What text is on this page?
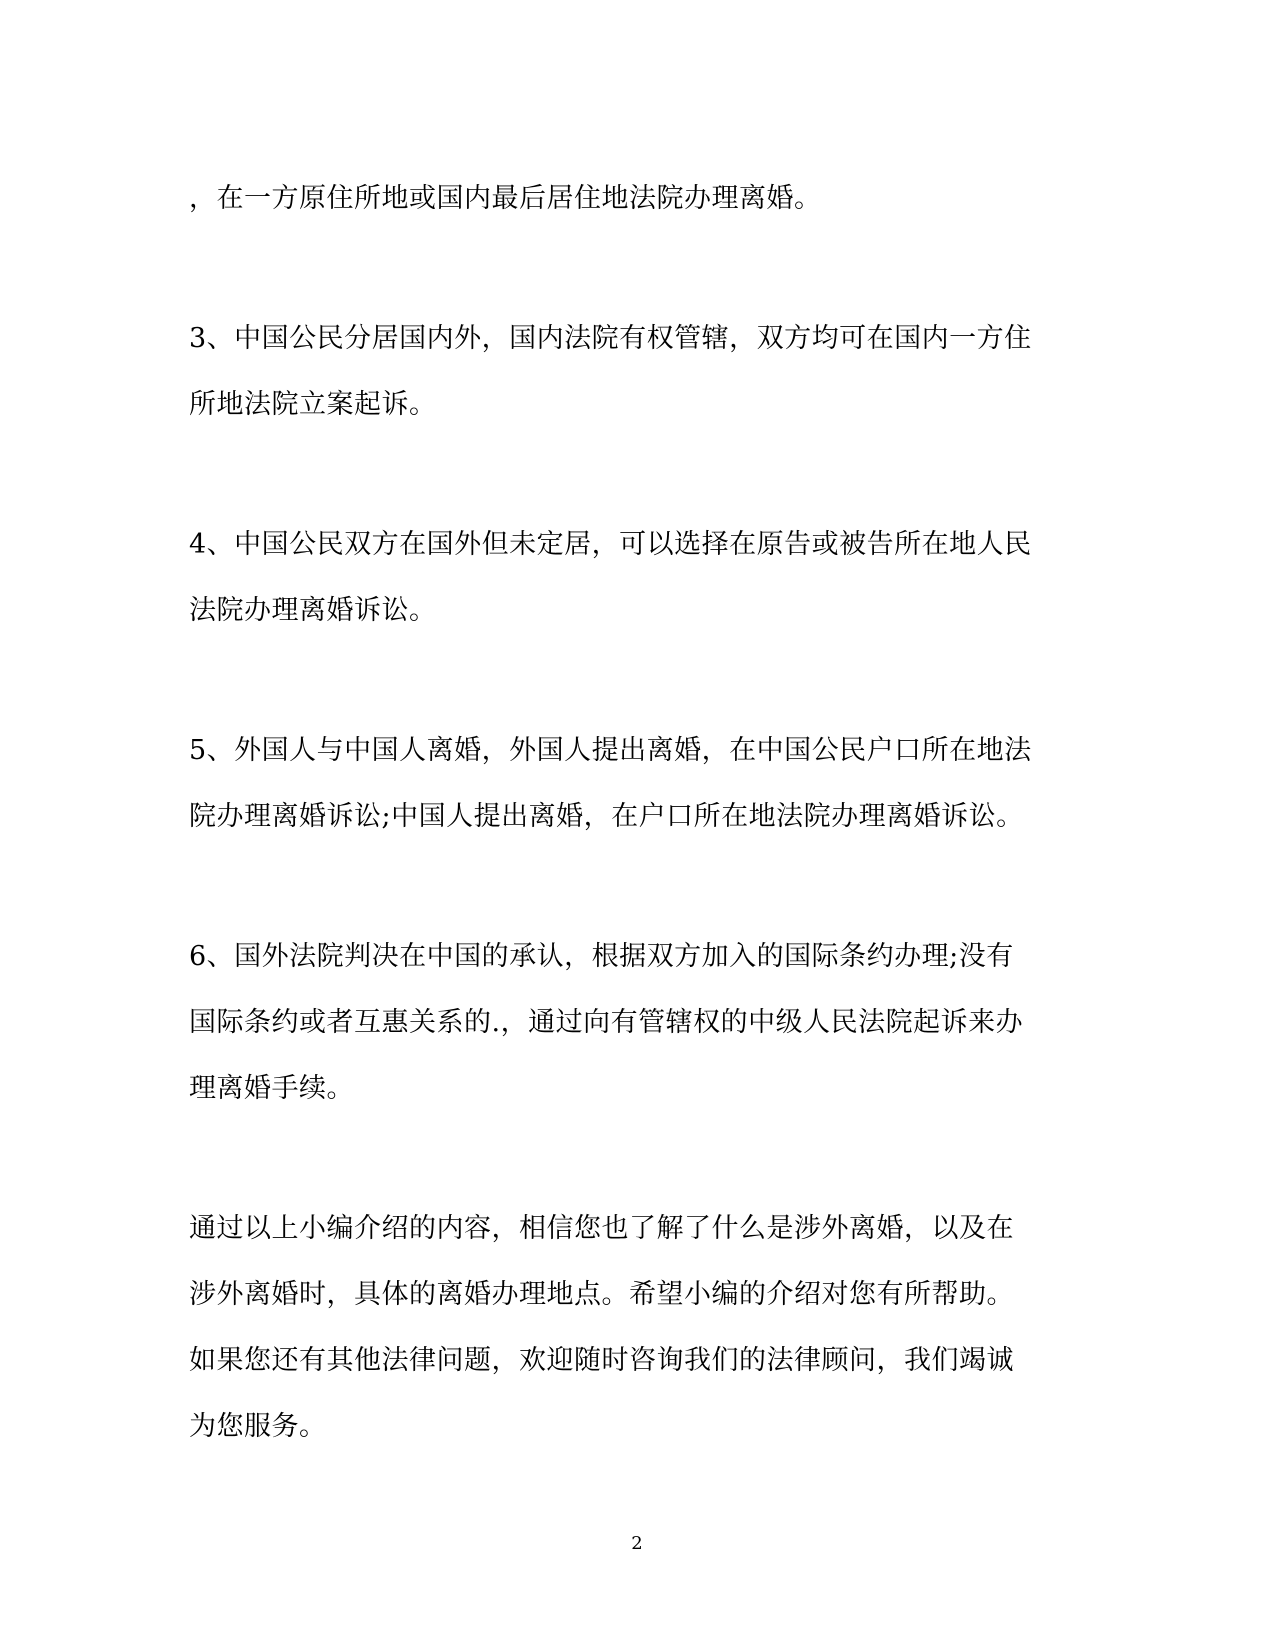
，在一方原住所地或国内最后居住地法院办理离婚。

3、中国公民分居国内外，国内法院有权管辖，双方均可在国内一方住
所地法院立案起诉。

4、中国公民双方在国外但未定居，可以选择在原告或被告所在地人民
法院办理离婚诉讼。

5、外国人与中国人离婚，外国人提出离婚，在中国公民户口所在地法
院办理离婚诉讼;中国人提出离婚，在户口所在地法院办理离婚诉讼。

6、国外法院判决在中国的承认，根据双方加入的国际条约办理;没有
国际条约或者互惠关系的.，通过向有管辖权的中级人民法院起诉来办
理离婚手续。

通过以上小编介绍的内容，相信您也了解了什么是涉外离婚，以及在
涉外离婚时，具体的离婚办理地点。希望小编的介绍对您有所帮助。
如果您还有其他法律问题，欢迎随时咨询我们的法律顾问，我们竭诚
为您服务。

2
